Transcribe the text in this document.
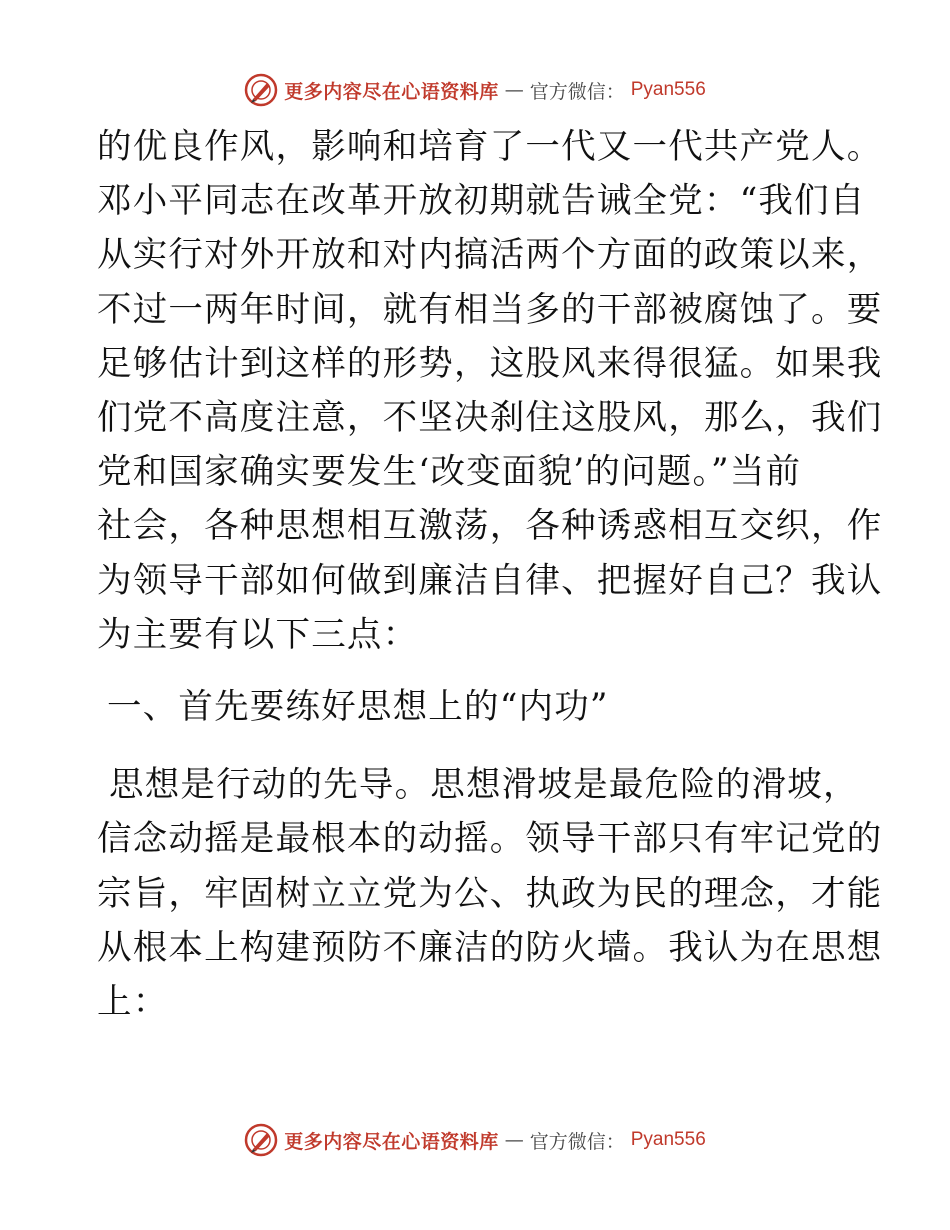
更多内容尽在心语资料库 — 官方微信： Pyan556
的优良作风，影响和培育了一代又一代共产党人。
邓小平同志在改革开放初期就告诫全党：“我们自
从实行对外开放和对内搞活两个方面的政策以来，
不过一两年时间，就有相当多的干部被腐蚀了。要
足够估计到这样的形势，这股风来得很猛。如果我
们党不高度注意，不坚决刹住这股风，那么，我们
党和国家确实要发生‘改变面貌’的问题。”当前
社会，各种思想相互激荡，各种诱惑相互交织，作
为领导干部如何做到廉洁自律、把握好自己？我认
为主要有以下三点：
一、首先要练好思想上的“内功”
思想是行动的先导。思想滑坡是最危险的滑坡，
信念动摇是最根本的动摇。领导干部只有牢记党的
宗旨，牢固树立立党为公、执政为民的理念，才能
从根本上构建预防不廉洁的防火墙。我认为在思想
上：
更多内容尽在心语资料库 — 官方微信： Pyan556
